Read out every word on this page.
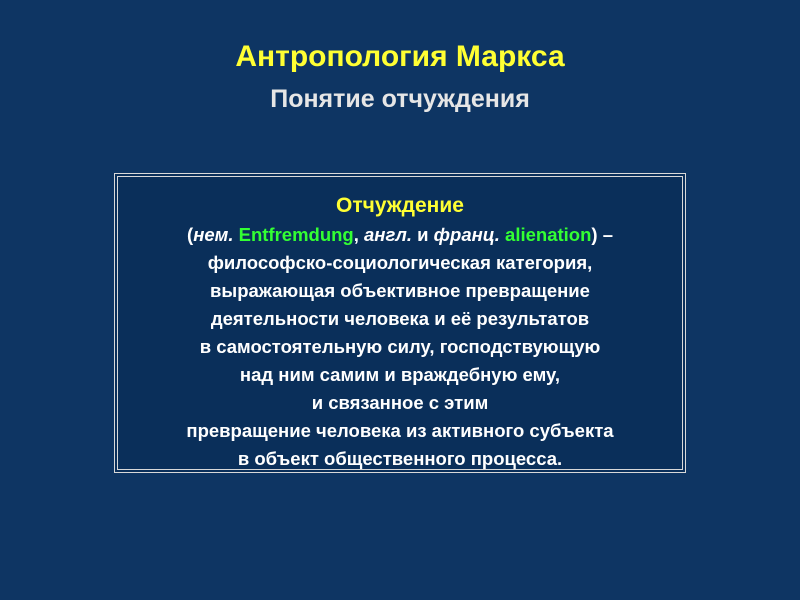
Антропология Маркса
Понятие отчуждения
Отчуждение
(нем. Entfremdung, англ. и франц. alienation) –
философско-социологическая категория,
выражающая объективное превращение
деятельности человека и её результатов
в самостоятельную силу, господствующую
над ним самим и враждебную ему,
и связанное с этим
превращение человека из активного субъекта
в объект общественного процесса.
